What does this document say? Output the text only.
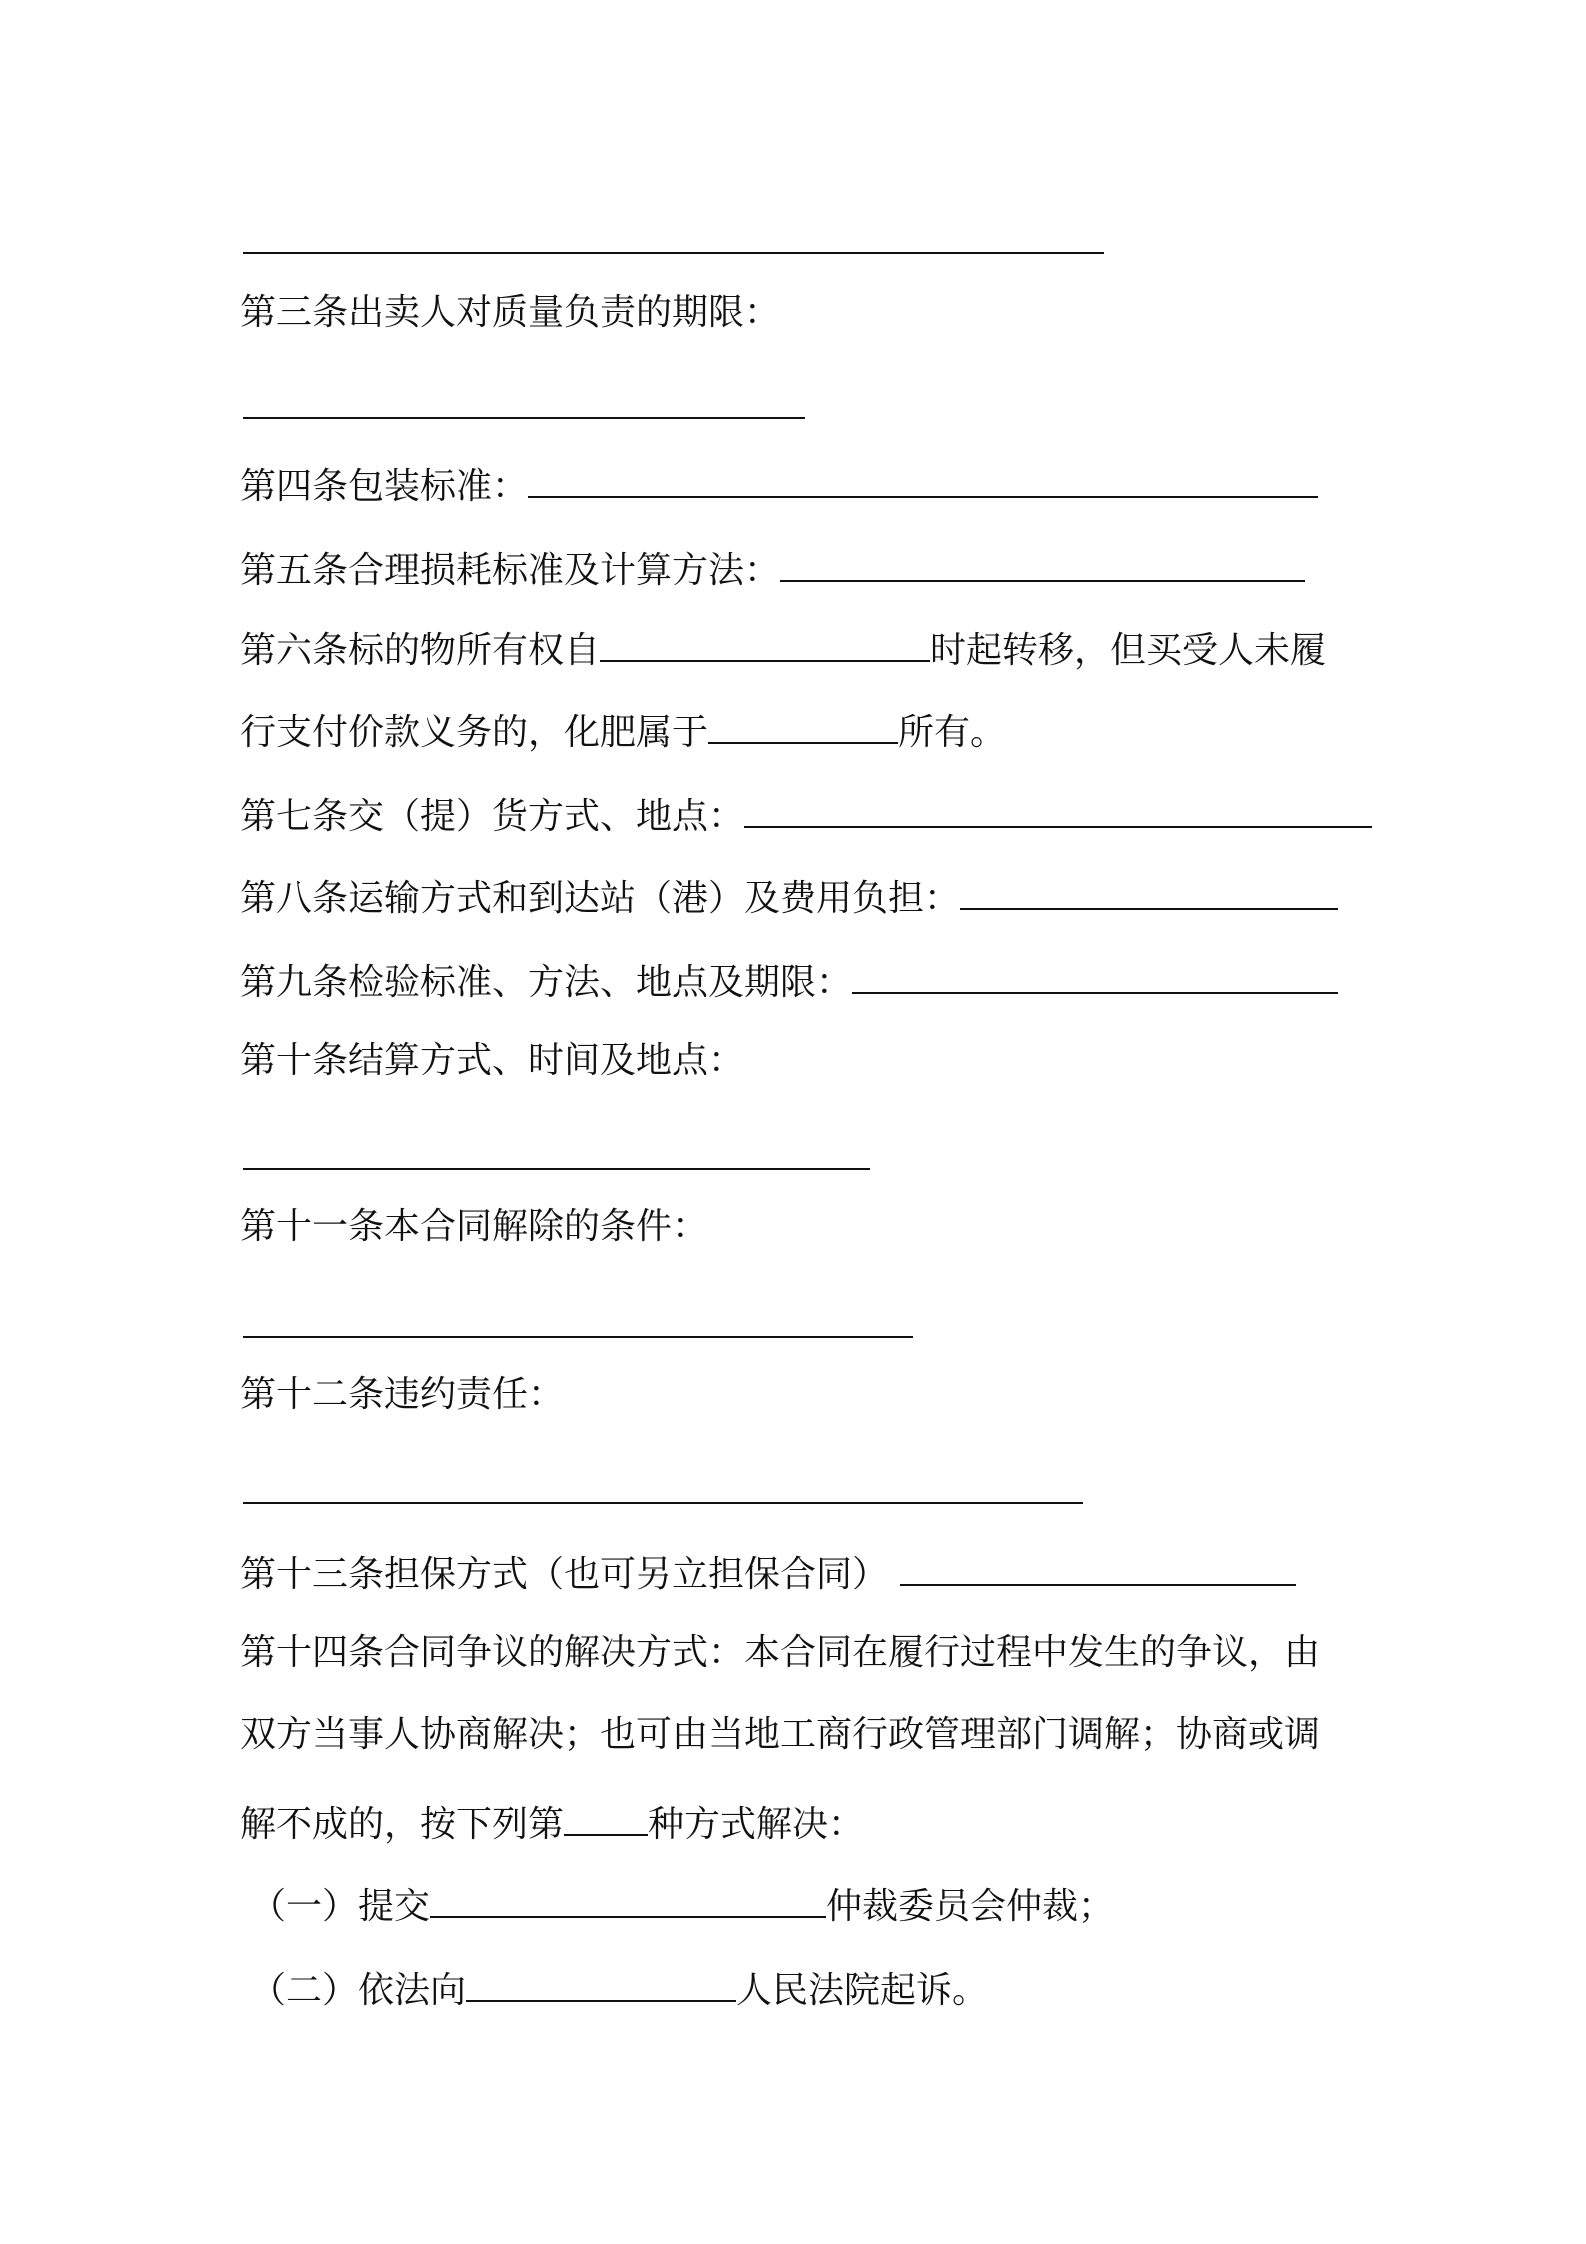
第三条出卖人对质量负责的期限：
第四条包装标准：
第五条合理损耗标准及计算方法：
第六条标的物所有权自	时起转移，但买受人未履
行支付价款义务的，化肥属于	所有。
第七条交（提）货方式、地点：
第八条运输方式和到达站（港）及费用负担：
第九条检验标准、方法、地点及期限：
第十条结算方式、时间及地点：
第十一条本合同解除的条件：
第十二条违约责任：
第十三条担保方式（也可另立担保合同）
第十四条合同争议的解决方式：本合同在履行过程中发生的争议，由
双方当事人协商解决；也可由当地工商行政管理部门调解；协商或调
解不成的，按下列第 种方式解决：
（一）提交	仲裁委员会仲裁；
（二）依法向	人民法院起诉。
